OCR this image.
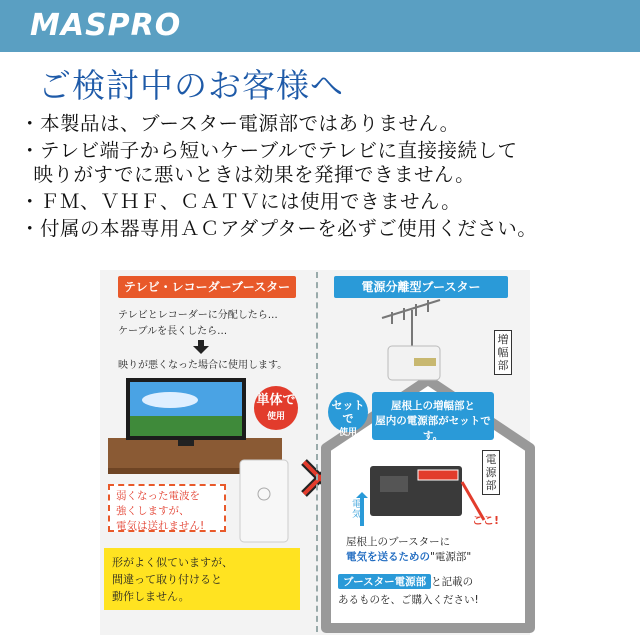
MASPRO
ご検討中のお客様へ
・本製品は、ブースター電源部ではありません。
・テレビ端子から短いケーブルでテレビに直接接続して
映りがすでに悪いときは効果を発揮できません。
・ＦＭ、ＶＨＦ、ＣＡＴＶには使用できません。
・付属の本器専用ＡＣアダプターを必ずご使用ください。
テレビ・レコーダーブースター	電源分離型ブースター
テレビとレコーダーに分配したら…
ケーブルを長くしたら…
映りが悪くなった場合に使用します。
単体で
使用
弱くなった電波を
強くしますが、
電気は送れません!
形がよく似ていますが、
間違って取り付けると
動作しません。
増幅部
電源部
セットで
使用
屋根上の増幅部と
屋内の電源部がセットです。
電気	ここ!
屋根上のブースターに
電気を送るための"電源部"
ブースター電源部 と記載の
あるものを、ご購入ください!
